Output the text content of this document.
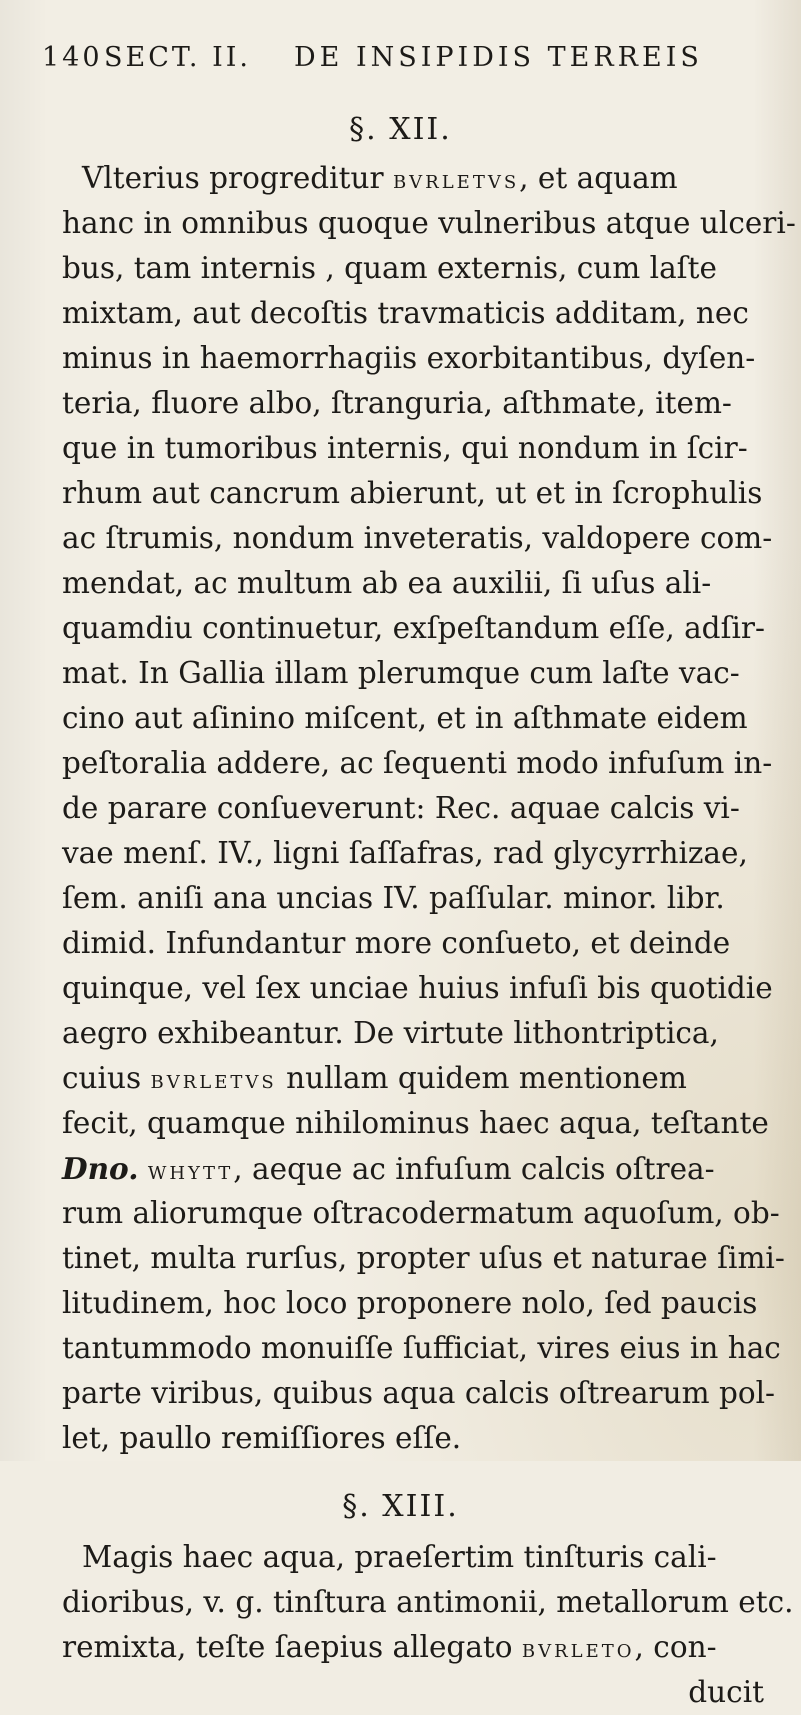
140 SECT. II. DE INSIPIDIS TERREIS
§. XII.
Vlterius progreditur bvrletvs, et aquam
hanc in omnibus quoque vulneribus atque ulceri-
bus, tam internis , quam externis, cum laſte
mixtam, aut decoſtis travmaticis additam, nec
minus in haemorrhagiis exorbitantibus, dyſen-
teria, fluore albo, ſtranguria, aſthmate, item-
que in tumoribus internis, qui nondum in ſcir-
rhum aut cancrum abierunt, ut et in ſcrophulis
ac ſtrumis, nondum inveteratis, valdopere com-
mendat, ac multum ab ea auxilii, ſi uſus ali-
quamdiu continuetur, exſpeſtandum eſſe, adſir-
mat. In Gallia illam plerumque cum laſte vac-
cino aut aſinino miſcent, et in aſthmate eidem
peſtoralia addere, ac ſequenti modo infuſum in-
de parare conſueverunt: Rec. aquae calcis vi-
vae menſ. IV., ligni ſaſſafras, rad glycyrrhizae,
ſem. aniſi ana uncias IV. paſſular. minor. libr.
dimid. Infundantur more conſueto, et deinde
quinque, vel ſex unciae huius infuſi bis quotidie
aegro exhibeantur. De virtute lithontriptica,
cuius bvrletvs nullam quidem mentionem
fecit, quamque nihilominus haec aqua, teſtante
Dno. whytt, aeque ac infuſum calcis oſtrea-
rum aliorumque oſtracodermatum aquoſum, ob-
tinet, multa rurſus, propter uſus et naturae ſimi-
litudinem, hoc loco proponere nolo, ſed paucis
tantummodo monuiſſe ſufficiat, vires eius in hac
parte viribus, quibus aqua calcis oſtrearum pol-
let, paullo remiſſiores eſſe.
§. XIII.
Magis haec aqua, praeſertim tinſturis cali-
dioribus, v. g. tinſtura antimonii, metallorum etc.
remixta, teſte ſaepius allegato bvrleto, con-
ducit
